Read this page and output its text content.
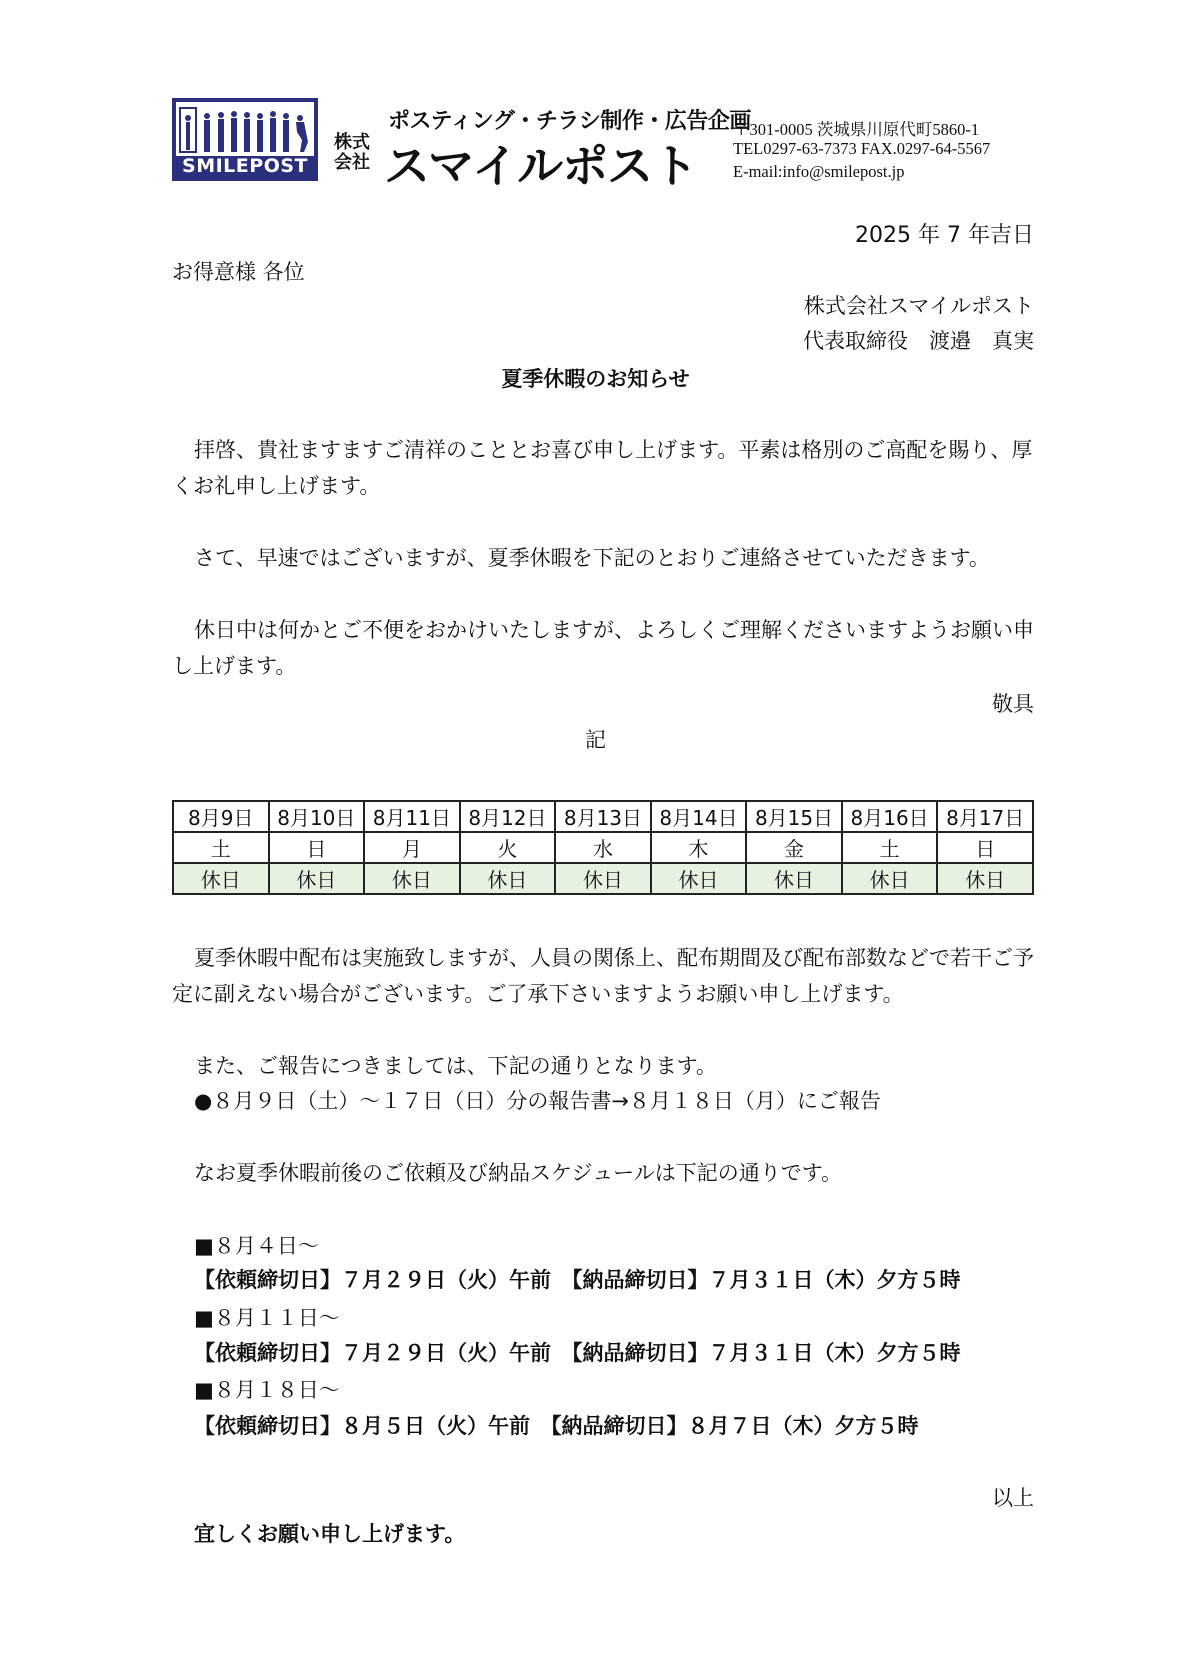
SMILEPOST
ポスティング・チラシ制作・広告企画
株式会社 スマイルポスト
〒301-0005 茨城県川原代町5860-1
TEL0297-63-7373 FAX.0297-64-5567
E-mail:info@smilepost.jp
2025 年 7 年吉日
お得意様 各位
株式会社スマイルポスト
代表取締役　渡邉　真実
夏季休暇のお知らせ
拝啓、貴社ますますご清祥のこととお喜び申し上げます。平素は格別のご高配を賜り、厚くお礼申し上げます。
さて、早速ではございますが、夏季休暇を下記のとおりご連絡させていただきます。
休日中は何かとご不便をおかけいたしますが、よろしくご理解くださいますようお願い申し上げます。
敬具
記
8月9日	8月10日	8月11日	8月12日	8月13日	8月14日	8月15日	8月16日	8月17日
土	日	月	火	水	木	金	土	日
休日	休日	休日	休日	休日	休日	休日	休日	休日
夏季休暇中配布は実施致しますが、人員の関係上、配布期間及び配布部数などで若干ご予定に副えない場合がございます。ご了承下さいますようお願い申し上げます。
また、ご報告につきましては、下記の通りとなります。
●８月９日（土）～１７日（日）分の報告書→８月１８日（月）にご報告
なお夏季休暇前後のご依頼及び納品スケジュールは下記の通りです。
■８月４日～
【依頼締切日】７月２９日（火）午前　【納品締切日】７月３１日（木）夕方５時
■８月１１日～
【依頼締切日】７月２９日（火）午前　【納品締切日】７月３１日（木）夕方５時
■８月１８日～
【依頼締切日】８月５日（火）午前　【納品締切日】８月７日（木）夕方５時
以上
宜しくお願い申し上げます。
